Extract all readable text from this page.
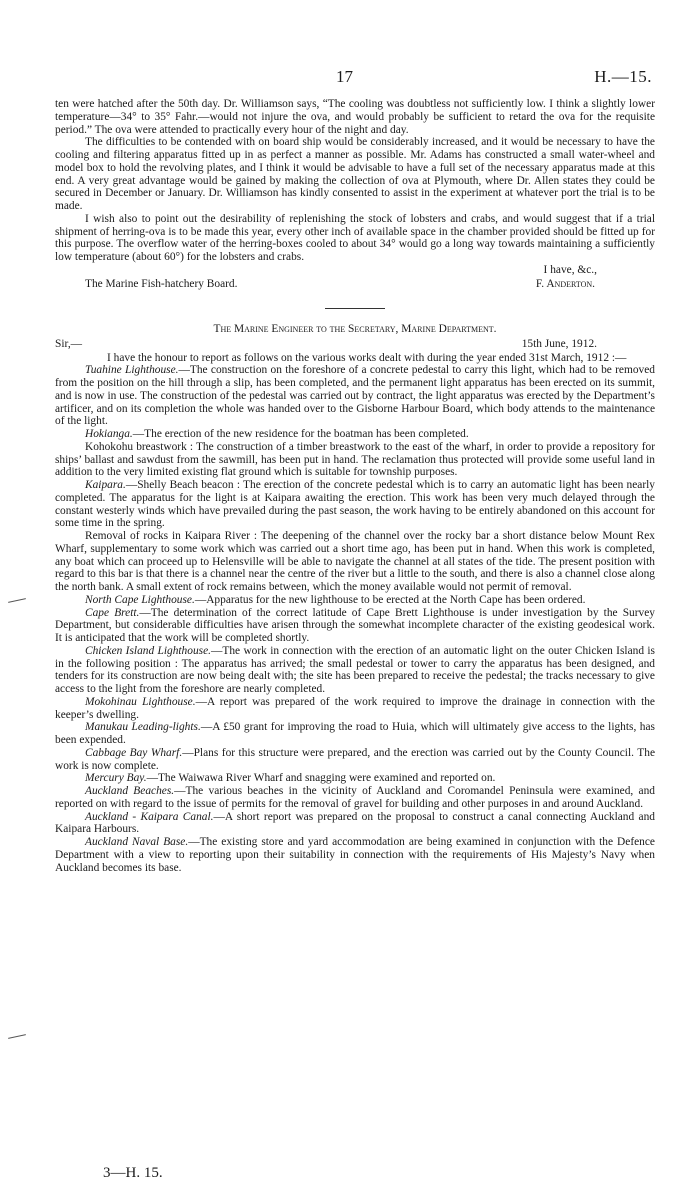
17	H.—15.

ten were hatched after the 50th day. Dr. Williamson says, “The cooling was doubtless not sufficiently low. I think a slightly lower temperature—34° to 35° Fahr.—would not injure the ova, and would probably be sufficient to retard the ova for the requisite period.” The ova were attended to practically every hour of the night and day.

The difficulties to be contended with on board ship would be considerably increased, and it would be necessary to have the cooling and filtering apparatus fitted up in as perfect a manner as possible. Mr. Adams has constructed a small water-wheel and model box to hold the revolving plates, and I think it would be advisable to have a full set of the necessary apparatus made at this end. A very great advantage would be gained by making the collection of ova at Plymouth, where Dr. Allen states they could be secured in December or January. Dr. Williamson has kindly consented to assist in the experiment at whatever port the trial is to be made.

I wish also to point out the desirability of replenishing the stock of lobsters and crabs, and would suggest that if a trial shipment of herring-ova is to be made this year, every other inch of available space in the chamber provided should be fitted up for this purpose. The overflow water of the herring-boxes cooled to about 34° would go a long way towards maintaining a sufficiently low temperature (about 60°) for the lobsters and crabs.

I have, &c.,
The Marine Fish-hatchery Board.	F. Anderton.

The Marine Engineer to the Secretary, Marine Department.

Sir,—	15th June, 1912.

I have the honour to report as follows on the various works dealt with during the year ended 31st March, 1912 :—

Tuahine Lighthouse.—The construction on the foreshore of a concrete pedestal to carry this light, which had to be removed from the position on the hill through a slip, has been completed, and the permanent light apparatus has been erected on its summit, and is now in use. The construction of the pedestal was carried out by contract, the light apparatus was erected by the Department’s artificer, and on its completion the whole was handed over to the Gisborne Harbour Board, which body attends to the maintenance of the light.

Hokianga.—The erection of the new residence for the boatman has been completed.

Kohokohu breastwork : The construction of a timber breastwork to the east of the wharf, in order to provide a repository for ships’ ballast and sawdust from the sawmill, has been put in hand. The reclamation thus protected will provide some useful land in addition to the very limited existing flat ground which is suitable for township purposes.

Kaipara.—Shelly Beach beacon : The erection of the concrete pedestal which is to carry an automatic light has been nearly completed. The apparatus for the light is at Kaipara awaiting the erection. This work has been very much delayed through the constant westerly winds which have prevailed during the past season, the work having to be entirely abandoned on this account for some time in the spring.

Removal of rocks in Kaipara River : The deepening of the channel over the rocky bar a short distance below Mount Rex Wharf, supplementary to some work which was carried out a short time ago, has been put in hand. When this work is completed, any boat which can proceed up to Helensville will be able to navigate the channel at all states of the tide. The present position with regard to this bar is that there is a channel near the centre of the river but a little to the south, and there is also a channel close along the north bank. A small extent of rock remains between, which the money available would not permit of removal.

North Cape Lighthouse.—Apparatus for the new lighthouse to be erected at the North Cape has been ordered.

Cape Brett.—The determination of the correct latitude of Cape Brett Lighthouse is under investigation by the Survey Department, but considerable difficulties have arisen through the somewhat incomplete character of the existing geodesical work. It is anticipated that the work will be completed shortly.

Chicken Island Lighthouse.—The work in connection with the erection of an automatic light on the outer Chicken Island is in the following position : The apparatus has arrived; the small pedestal or tower to carry the apparatus has been designed, and tenders for its construction are now being dealt with; the site has been prepared to receive the pedestal; the tracks necessary to give access to the light from the foreshore are nearly completed.

Mokohinau Lighthouse.—A report was prepared of the work required to improve the drainage in connection with the keeper’s dwelling.

Manukau Leading-lights.—A £50 grant for improving the road to Huia, which will ultimately give access to the lights, has been expended.

Cabbage Bay Wharf.—Plans for this structure were prepared, and the erection was carried out by the County Council. The work is now complete.

Mercury Bay.—The Waiwawa River Wharf and snagging were examined and reported on.

Auckland Beaches.—The various beaches in the vicinity of Auckland and Coromandel Peninsula were examined, and reported on with regard to the issue of permits for the removal of gravel for building and other purposes in and around Auckland.

Auckland - Kaipara Canal.—A short report was prepared on the proposal to construct a canal connecting Auckland and Kaipara Harbours.

Auckland Naval Base.—The existing store and yard accommodation are being examined in conjunction with the Defence Department with a view to reporting upon their suitability in connection with the requirements of His Majesty’s Navy when Auckland becomes its base.

3—H. 15.
